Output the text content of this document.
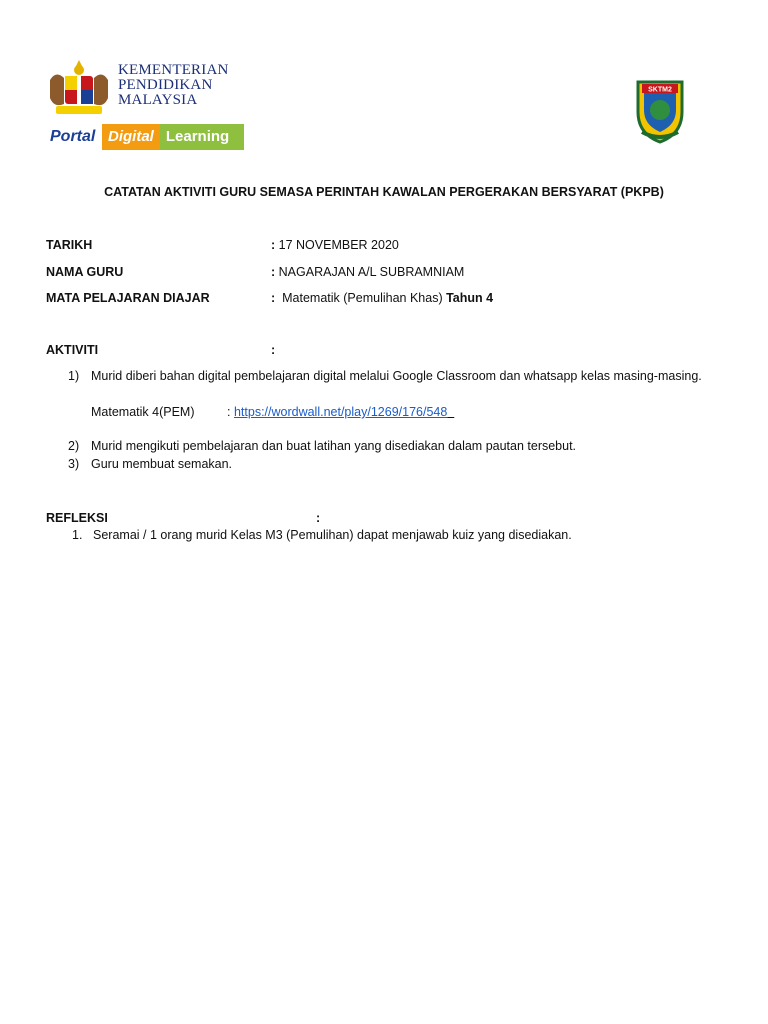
KEMENTERIAN
PENDIDIKAN
MALAYSIA
Portal Digital Learning
SKTM2
CATATAN AKTIVITI GURU SEMASA PERINTAH KAWALAN PERGERAKAN BERSYARAT (PKPB)
TARIKH	: 17 NOVEMBER 2020
NAMA GURU	: NAGARAJAN A/L SUBRAMNIAM
MATA PELAJARAN DIAJAR	: Matematik (Pemulihan Khas) Tahun 4
AKTIVITI	:
1) Murid diberi bahan digital pembelajaran digital melalui Google Classroom dan whatsapp kelas masing-masing.
Matematik 4(PEM)	: https://wordwall.net/play/1269/176/548
2) Murid mengikuti pembelajaran dan buat latihan yang disediakan dalam pautan tersebut.
3) Guru membuat semakan.
REFLEKSI	:
1. Seramai / 1 orang murid Kelas M3 (Pemulihan) dapat menjawab kuiz yang disediakan.
